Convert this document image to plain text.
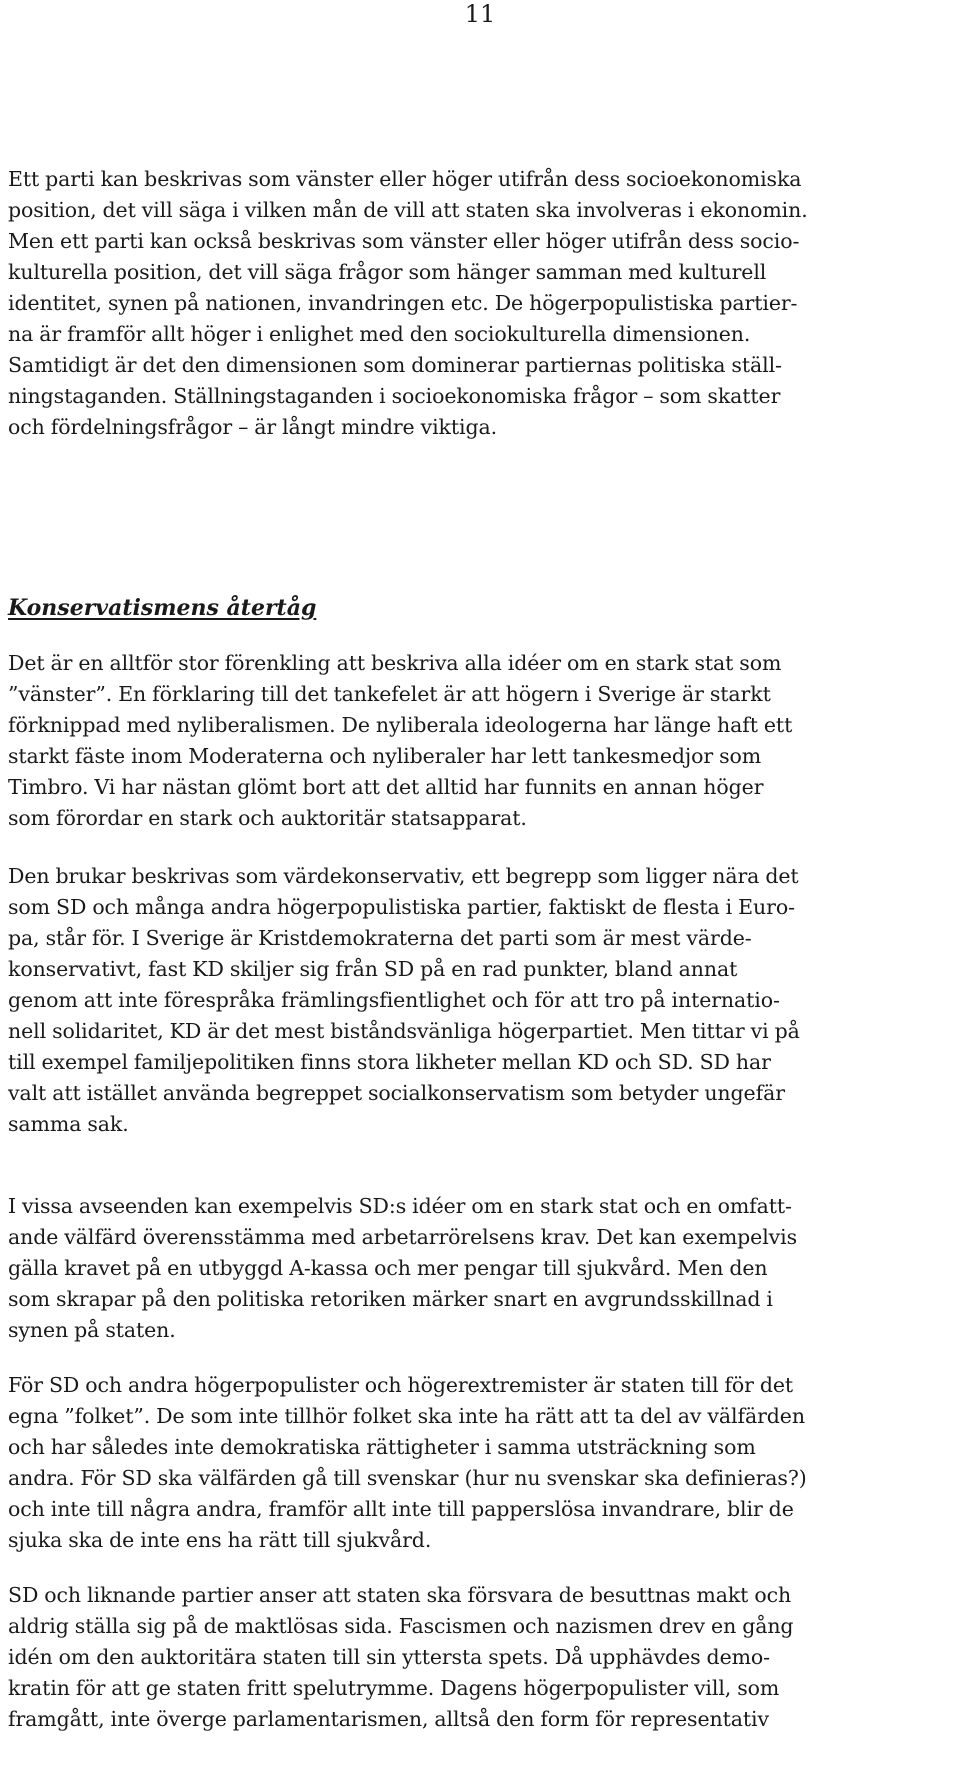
11

Ett parti kan beskrivas som vänster eller höger utifrån dess socioekonomiska
position, det vill säga i vilken mån de vill att staten ska involveras i ekonomin.
Men ett parti kan också beskrivas som vänster eller höger utifrån dess socio-
kulturella position, det vill säga frågor som hänger samman med kulturell
identitet, synen på nationen, invandringen etc. De högerpopulistiska partier-
na är framför allt höger i enlighet med den sociokulturella dimensionen.
Samtidigt är det den dimensionen som dominerar partiernas politiska ställ-
ningstaganden. Ställningstaganden i socioekonomiska frågor – som skatter
och fördelningsfrågor – är långt mindre viktiga.

Konservatismens återtåg

Det är en alltför stor förenkling att beskriva alla idéer om en stark stat som
”vänster”. En förklaring till det tankefelet är att högern i Sverige är starkt
förknippad med nyliberalismen. De nyliberala ideologerna har länge haft ett
starkt fäste inom Moderaterna och nyliberaler har lett tankesmedjor som
Timbro. Vi har nästan glömt bort att det alltid har funnits en annan höger
som förordar en stark och auktoritär statsapparat.

Den brukar beskrivas som värdekonservativ, ett begrepp som ligger nära det
som SD och många andra högerpopulistiska partier, faktiskt de flesta i Euro-
pa, står för. I Sverige är Kristdemokraterna det parti som är mest värde-
konservativt, fast KD skiljer sig från SD på en rad punkter, bland annat
genom att inte förespråka främlingsfientlighet och för att tro på internatio-
nell solidaritet, KD är det mest biståndsvänliga högerpartiet. Men tittar vi på
till exempel familjepolitiken finns stora likheter mellan KD och SD. SD har
valt att istället använda begreppet socialkonservatism som betyder ungefär
samma sak.

I vissa avseenden kan exempelvis SD:s idéer om en stark stat och en omfatt-
ande välfärd överensstämma med arbetarrörelsens krav. Det kan exempelvis
gälla kravet på en utbyggd A-kassa och mer pengar till sjukvård. Men den
som skrapar på den politiska retoriken märker snart en avgrundsskillnad i
synen på staten.

För SD och andra högerpopulister och högerextremister är staten till för det
egna ”folket”. De som inte tillhör folket ska inte ha rätt att ta del av välfärden
och har således inte demokratiska rättigheter i samma utsträckning som
andra. För SD ska välfärden gå till svenskar (hur nu svenskar ska definieras?)
och inte till några andra, framför allt inte till papperslösa invandrare, blir de
sjuka ska de inte ens ha rätt till sjukvård.

SD och liknande partier anser att staten ska försvara de besuttnas makt och
aldrig ställa sig på de maktlösas sida. Fascismen och nazismen drev en gång
idén om den auktoritära staten till sin yttersta spets. Då upphävdes demo-
kratin för att ge staten fritt spelutrymme. Dagens högerpopulister vill, som
framgått, inte överge parlamentarismen, alltså den form för representativ
